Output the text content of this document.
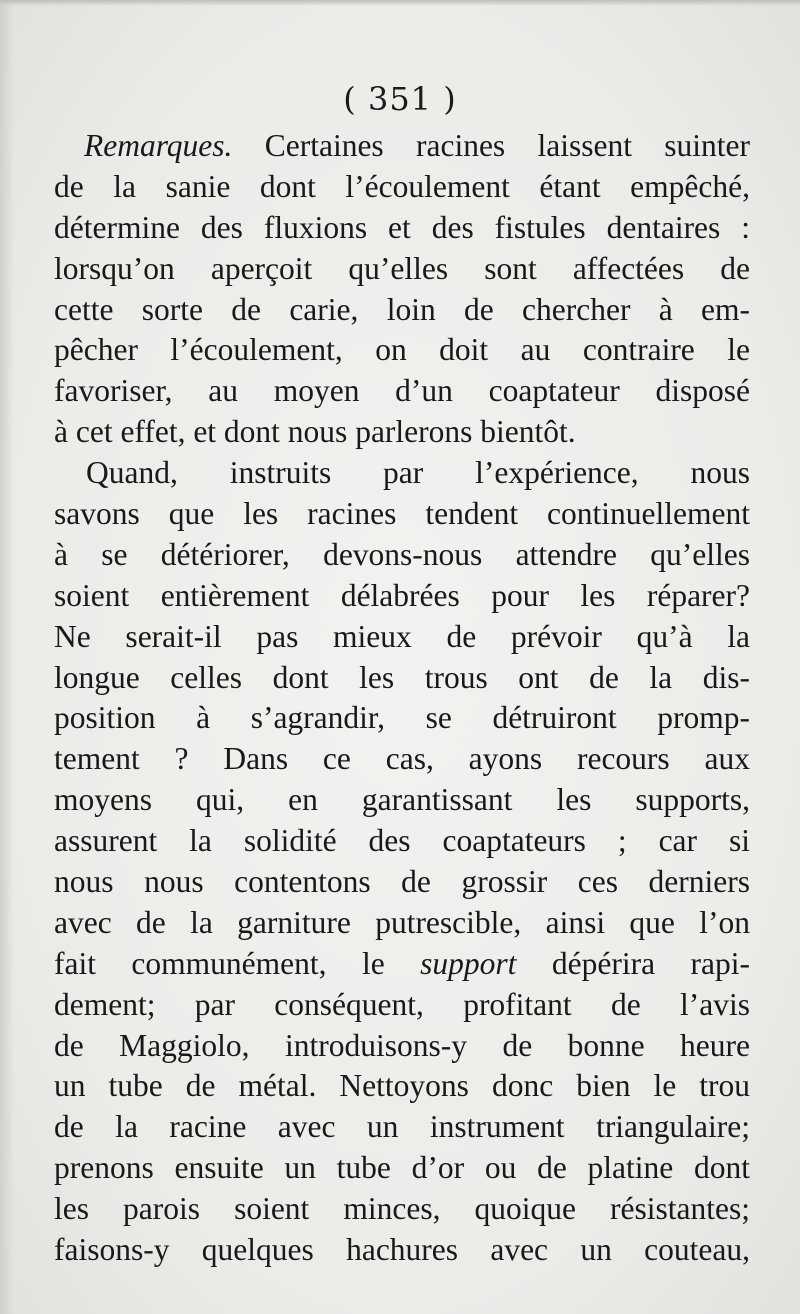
( 351 )
Remarques. Certaines racines laissent suinter
de la sanie dont l’écoulement étant empêché,
détermine des fluxions et des fistules dentaires :
lorsqu’on aperçoit qu’elles sont affectées de
cette sorte de carie, loin de chercher à em-
pêcher l’écoulement, on doit au contraire le
favoriser, au moyen d’un coaptateur disposé
à cet effet, et dont nous parlerons bientôt.
Quand, instruits par l’expérience, nous
savons que les racines tendent continuellement
à se détériorer, devons-nous attendre qu’elles
soient entièrement délabrées pour les réparer?
Ne serait-il pas mieux de prévoir qu’à la
longue celles dont les trous ont de la dis-
position à s’agrandir, se détruiront promp-
tement ? Dans ce cas, ayons recours aux
moyens qui, en garantissant les supports,
assurent la solidité des coaptateurs ; car si
nous nous contentons de grossir ces derniers
avec de la garniture putrescible, ainsi que l’on
fait communément, le support dépérira rapi-
dement; par conséquent, profitant de l’avis
de Maggiolo, introduisons-y de bonne heure
un tube de métal. Nettoyons donc bien le trou
de la racine avec un instrument triangulaire;
prenons ensuite un tube d’or ou de platine dont
les parois soient minces, quoique résistantes;
faisons-y quelques hachures avec un couteau,
